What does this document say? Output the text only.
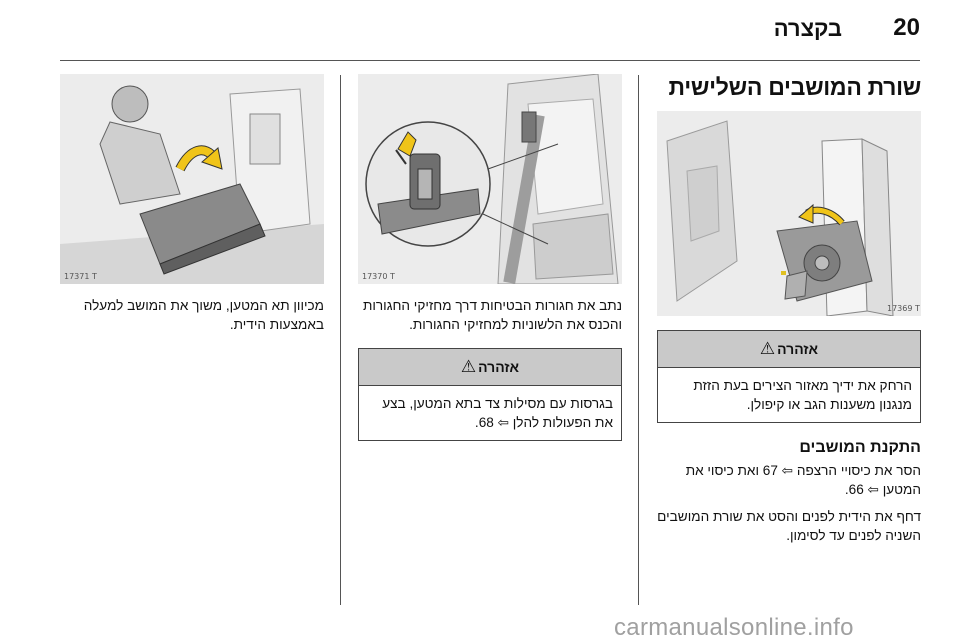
20
בקצרה
שורת המושבים השלישית
17369 T
אזהרה⚠
הרחק את ידיך מאזור הצירים בעת הזזת מנגנון משענות הגב או קיפולן.
התקנת המושבים

הסר את כיסויי הרצפה ⇦ 67 ואת כיסוי את המטען ⇦ 66.

דחף את הידית לפנים והסט את שורת המושבים השניה לפנים עד לסימון.

17370 T

נתב את חגורות הבטיחות דרך מחזיקי החגורות והכנס את הלשוניות למחזיקי החגורות.

אזהרה⚠
בגרסות עם מסילות צד בתא המטען, בצע את הפעולות להלן ⇦ 68.
17371 T

מכיוון תא המטען, משוך את המושב למעלה באמצעות הידית.

carmanualsonline.info
